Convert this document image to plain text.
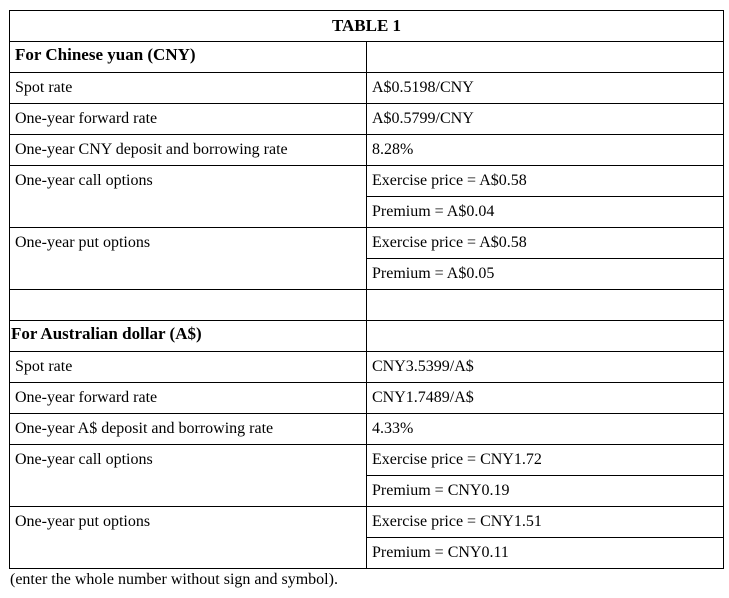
TABLE 1	
For Chinese yuan (CNY)	
Spot rate	A$0.5198/CNY
One-year forward rate	A$0.5799/CNY
One-year CNY deposit and borrowing rate	8.28%
One-year call options	Exercise price = A$0.58
	Premium = A$0.04
One-year put options	Exercise price = A$0.58
	Premium = A$0.05

For Australian dollar (A$)	
Spot rate	CNY3.5399/A$
One-year forward rate	CNY1.7489/A$
One-year A$ deposit and borrowing rate	4.33%
One-year call options	Exercise price = CNY1.72
	Premium = CNY0.19
One-year put options	Exercise price = CNY1.51
	Premium = CNY0.11
(enter the whole number without sign and symbol).
